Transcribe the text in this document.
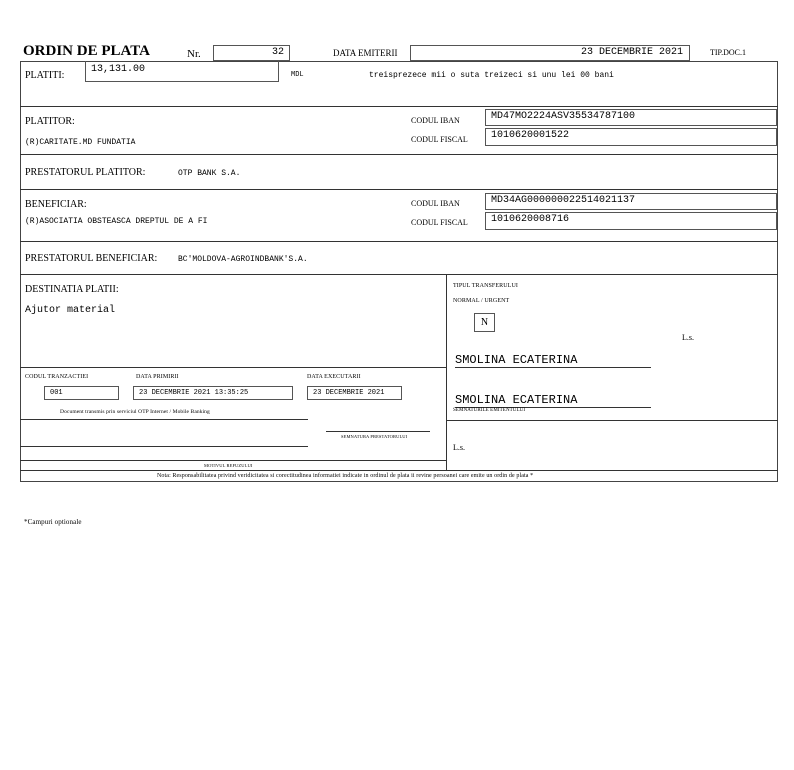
ORDIN DE PLATA	Nr.	32	DATA EMITERII	23 DECEMBRIE 2021	TIP.DOC.1
PLATITI:
13,131.00	MDL	treisprezece mii o suta treizeci si unu lei 00 bani
PLATITOR:
(R)CARITATE.MD FUNDATIA
CODUL IBAN	MD47MO2224ASV35534787100
CODUL FISCAL	1010620001522
PRESTATORUL PLATITOR:	OTP BANK S.A.
BENEFICIAR:
(R)ASOCIATIA OBSTEASCA DREPTUL DE A FI
CODUL IBAN	MD34AG000000022514021137
CODUL FISCAL	1010620008716
PRESTATORUL BENEFICIAR:	BC'MOLDOVA-AGROINDBANK'S.A.
DESTINATIA PLATII:
Ajutor material
TIPUL TRANSFERULUI
NORMAL / URGENT
N
L.s.
SMOLINA ECATERINA
CODUL TRANZACTIEI
001
DATA PRIMIRII
23 DECEMBRIE 2021 13:35:25
DATA EXECUTARII
23 DECEMBRIE 2021
Document transmis prin serviciul OTP Internet / Mobile Banking
SEMNATURA PRESTATORULUI
SMOLINA ECATERINA
SEMNATURILE EMITENTULUI
L.s.
MOTIVUL REFUZULUI
Nota: Responsabilitatea privind veridicitatea si corectitudinea informatiei indicate in ordinul de plata ii revine persoanei care emite un ordin de plata *
*Campuri optionale
